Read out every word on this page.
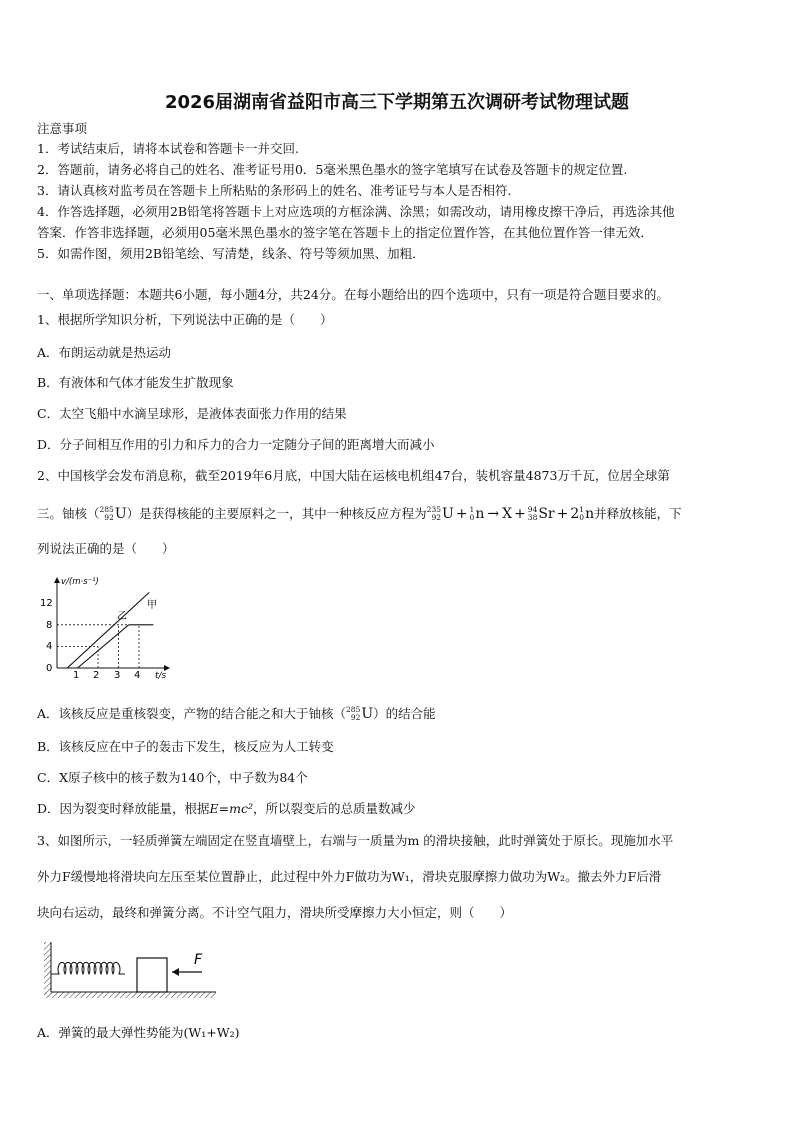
2026届湖南省益阳市高三下学期第五次调研考试物理试题
注意事项
1．考试结束后，请将本试卷和答题卡一并交回.
2．答题前，请务必将自己的姓名、准考证号用0．5毫米黑色墨水的签字笔填写在试卷及答题卡的规定位置.
3．请认真核对监考员在答题卡上所粘贴的条形码上的姓名、准考证号与本人是否相符.
4．作答选择题，必须用2B铅笔将答题卡上对应选项的方框涂满、涂黑；如需改动，请用橡皮擦干净后，再选涂其他
答案．作答非选择题，必须用05毫米黑色墨水的签字笔在答题卡上的指定位置作答，在其他位置作答一律无效．
5．如需作图，须用2B铅笔绘、写清楚，线条、符号等须加黑、加粗．
一、单项选择题：本题共6小题，每小题4分，共24分。在每小题给出的四个选项中，只有一项是符合题目要求的。
1、根据所学知识分析，下列说法中正确的是（　　）
A．布朗运动就是热运动
B．有液体和气体才能发生扩散现象
C．太空飞船中水滴呈球形，是液体表面张力作用的结果
D．分子间相互作用的引力和斥力的合力一定随分子间的距离增大而减小
2、中国核学会发布消息称，截至2019年6月底，中国大陆在运核电机组47台，装机容量4873万千瓦，位居全球第
三。铀核（ 285
92 U ）是获得核能的主要原料之一，其中一种核反应方程为 235
92 U + 1
0 n → X + 94
38 Sr + 2 1
0 n 并释放核能，下
列说法正确的是（　　）
v/(m·s⁻¹)
t/s
12
8
4
0
1 2 3 4
甲
乙
A．该核反应是重核裂变，产物的结合能之和大于铀核（ 285
92 U ）的结合能
B．该核反应在中子的轰击下发生，核反应为人工转变
C．X原子核中的核子数为140个，中子数为84个
D．因为裂变时释放能量，根据E=mc²，所以裂变后的总质量数减少
3、如图所示，一轻质弹簧左端固定在竖直墙壁上，右端与一质量为m 的滑块接触，此时弹簧处于原长。现施加水平
外力F缓慢地将滑块向左压至某位置静止，此过程中外力F做功为W₁，滑块克服摩擦力做功为W₂。撤去外力F后滑
块向右运动，最终和弹簧分离。不计空气阻力，滑块所受摩擦力大小恒定，则（　　）
F
A．弹簧的最大弹性势能为(W₁+W₂)
